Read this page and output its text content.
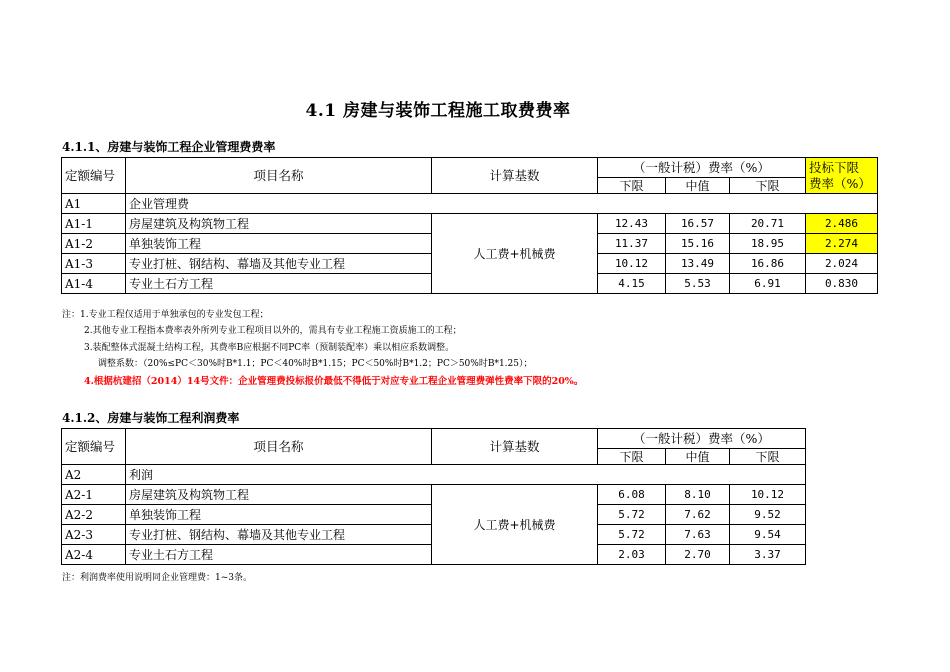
4.1 房建与装饰工程施工取费费率
4.1.1、房建与装饰工程企业管理费费率
定额编号	项目名称	计算基数	（一般计税）费率（%）			投标下限
费率（%）

			下限	中值	下限	
A1	企业管理费					
A1-1	房屋建筑及构筑物工程	人工费+机械费	12.43	16.57	20.71	2.486
A1-2	单独装饰工程		11.37	15.16	18.95	2.274
A1-3	专业打桩、钢结构、幕墙及其他专业工程		10.12	13.49	16.86	2.024
A1-4	专业土石方工程		4.15	5.53	6.91	0.830
注：1.专业工程仅适用于单独承包的专业发包工程；
2.其他专业工程指本费率表外所列专业工程项目以外的，需具有专业工程施工资质施工的工程；
3.装配整体式混凝土结构工程，其费率B应根据不同PC率（预制装配率）乘以相应系数调整。
调整系数：（20%≤PC＜30%时B*1.1；PC＜40%时B*1.15；PC＜50%时B*1.2；PC＞50%时B*1.25）；
4.根据杭建招（2014）14号文件：企业管理费投标报价最低不得低于对应专业工程企业管理费弹性费率下限的20%。
4.1.2、房建与装饰工程利润费率
定额编号	项目名称	计算基数	（一般计税）费率（%）		
			下限	中值	下限
A2	利润				
A2-1	房屋建筑及构筑物工程	人工费+机械费	6.08	8.10	10.12
A2-2	单独装饰工程		5.72	7.62	9.52
A2-3	专业打桩、钢结构、幕墙及其他专业工程		5.72	7.63	9.54
A2-4	专业土石方工程		2.03	2.70	3.37
注：利润费率使用说明同企业管理费：1~3条。
